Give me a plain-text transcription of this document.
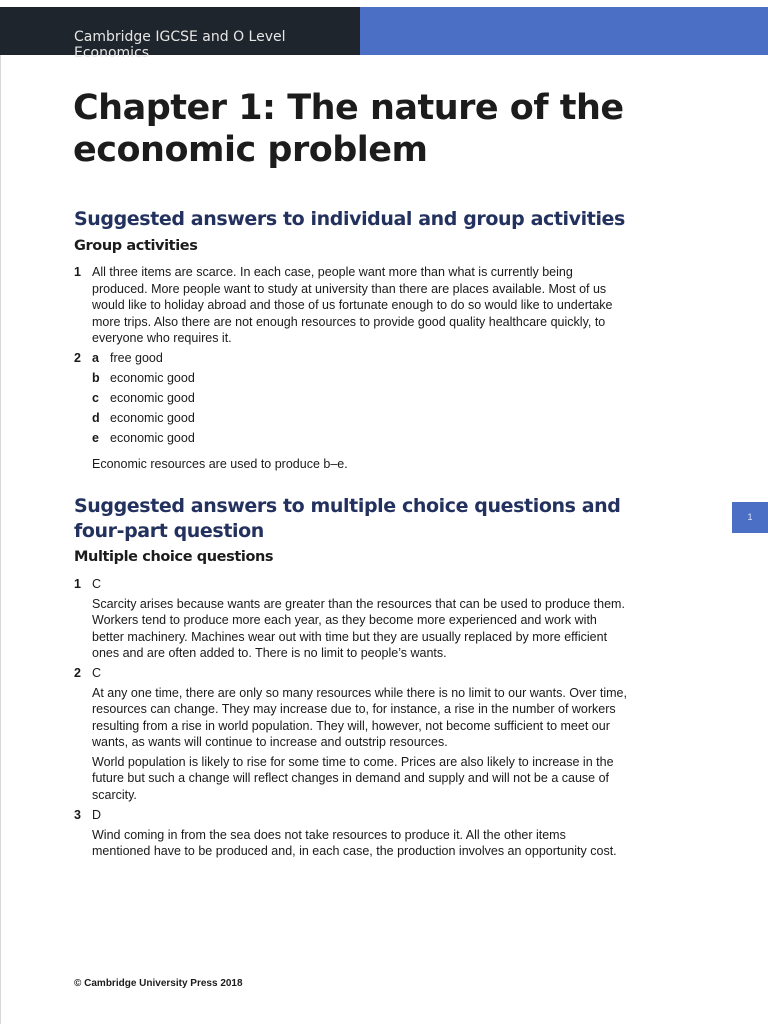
Cambridge IGCSE and O Level Economics
1
Chapter 1: The nature of the
economic problem
Suggested answers to individual and group activities
Group activities
1 All three items are scarce. In each case, people want more than what is currently being produced. More people want to study at university than there are places available. Most of us would like to holiday abroad and those of us fortunate enough to do so would like to undertake more trips. Also there are not enough resources to provide good quality healthcare quickly, to everyone who requires it.

2 a free good
b economic good
c economic good
d economic good
e economic good
Economic resources are used to produce b–e.
Suggested answers to multiple choice questions and
four-part question
Multiple choice questions
1 C

Scarcity arises because wants are greater than the resources that can be used to produce them. Workers tend to produce more each year, as they become more experienced and work with better machinery. Machines wear out with time but they are usually replaced by more efficient ones and are often added to. There is no limit to people’s wants.

2 C

At any one time, there are only so many resources while there is no limit to our wants. Over time, resources can change. They may increase due to, for instance, a rise in the number of workers resulting from a rise in world population. They will, however, not become sufficient to meet our wants, as wants will continue to increase and outstrip resources.

World population is likely to rise for some time to come. Prices are also likely to increase in the future but such a change will reflect changes in demand and supply and will not be a cause of scarcity.

3 D

Wind coming in from the sea does not take resources to produce it. All the other items mentioned have to be produced and, in each case, the production involves an opportunity cost.

© Cambridge University Press 2018
